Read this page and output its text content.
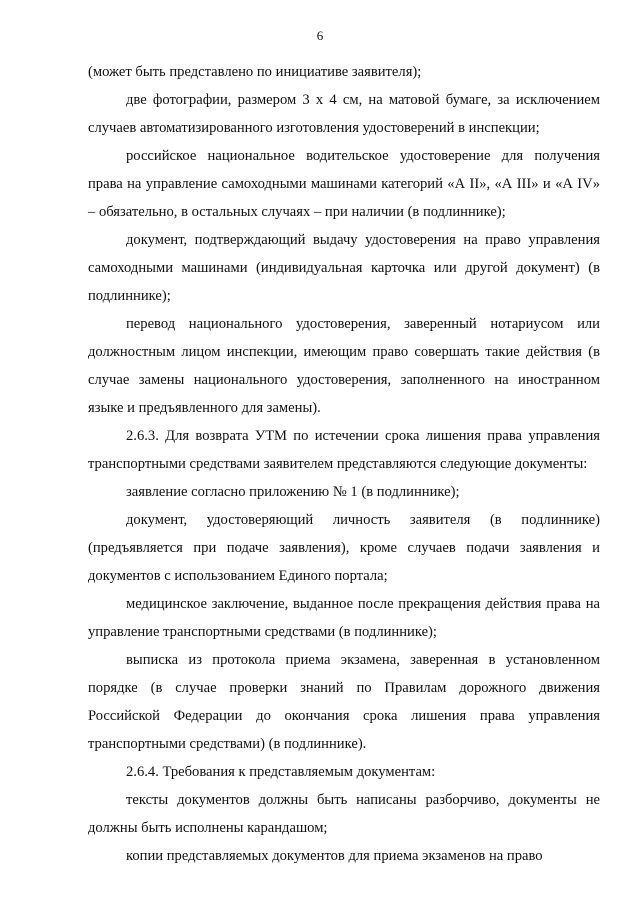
6

(может быть представлено по инициативе заявителя);

две фотографии, размером 3 х 4 см, на матовой бумаге, за исключением случаев автоматизированного изготовления удостоверений в инспекции;

российское национальное водительское удостоверение для получения права на управление самоходными машинами категорий «А II», «А III» и «А IV» – обязательно, в остальных случаях – при наличии (в подлиннике);

документ, подтверждающий выдачу удостоверения на право управления самоходными машинами (индивидуальная карточка или другой документ) (в подлиннике);

перевод национального удостоверения, заверенный нотариусом или должностным лицом инспекции, имеющим право совершать такие действия (в случае замены национального удостоверения, заполненного на иностранном языке и предъявленного для замены).

2.6.3. Для возврата УТМ по истечении срока лишения права управления транспортными средствами заявителем представляются следующие документы:

заявление согласно приложению № 1 (в подлиннике);

документ, удостоверяющий личность заявителя (в подлиннике) (предъявляется при подаче заявления), кроме случаев подачи заявления и документов с использованием Единого портала;

медицинское заключение, выданное после прекращения действия права на управление транспортными средствами (в подлиннике);

выписка из протокола приема экзамена, заверенная в установленном порядке (в случае проверки знаний по Правилам дорожного движения Российской Федерации до окончания срока лишения права управления транспортными средствами) (в подлиннике).

2.6.4. Требования к представляемым документам:

тексты документов должны быть написаны разборчиво, документы не должны быть исполнены карандашом;

копии представляемых документов для приема экзаменов на право
